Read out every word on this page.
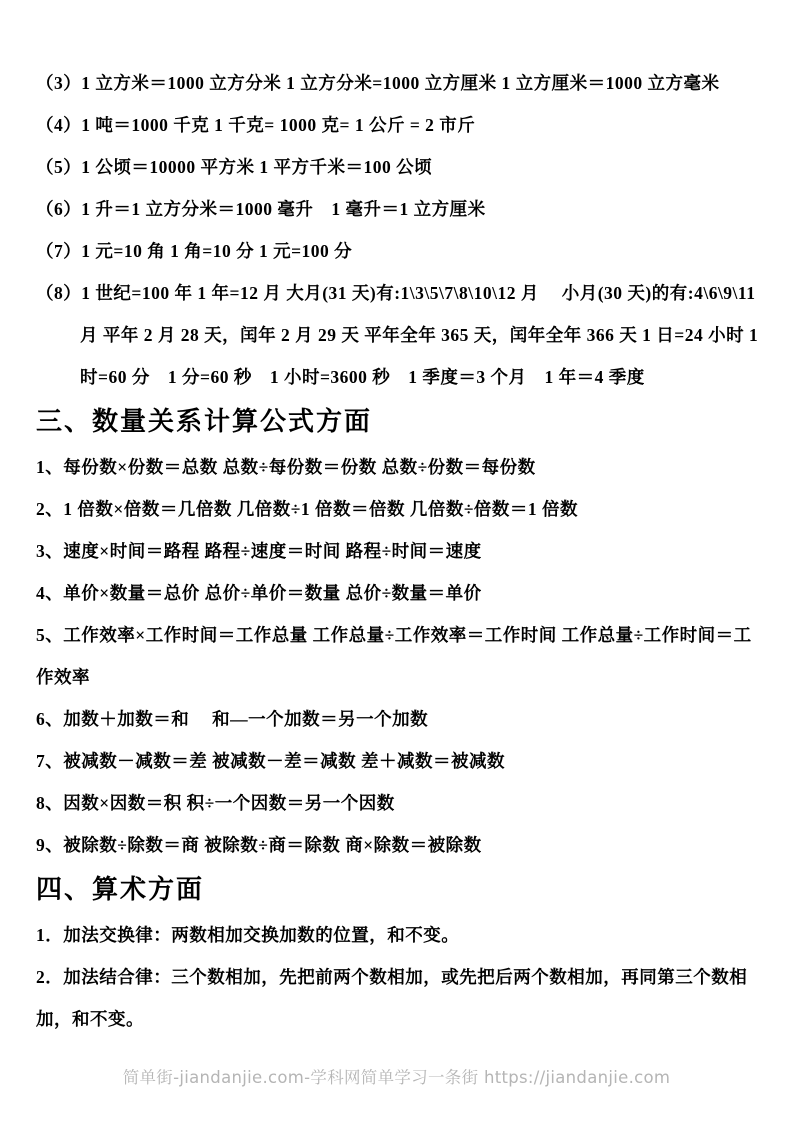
（3）1 立方米＝1000 立方分米 1 立方分米=1000 立方厘米 1 立方厘米＝1000 立方毫米

（4）1 吨＝1000 千克 1 千克= 1000 克= 1 公斤 = 2 市斤

（5）1 公顷＝10000 平方米 1 平方千米＝100 公顷

（6）1 升＝1 立方分米＝1000 毫升　1 毫升＝1 立方厘米

（7）1 元=10 角 1 角=10 分 1 元=100 分

（8）1 世纪=100 年 1 年=12 月 大月(31 天)有:1\3\5\7\8\10\12 月　 小月(30 天)的有:4\6\9\11 月 平年 2 月 28 天，闰年 2 月 29 天 平年全年 365 天，闰年全年 366 天 1 日=24 小时 1 时=60 分　1 分=60 秒　1 小时=3600 秒　1 季度＝3 个月　1 年＝4 季度

三、数量关系计算公式方面

1、每份数×份数＝总数 总数÷每份数＝份数 总数÷份数＝每份数

2、1 倍数×倍数＝几倍数 几倍数÷1 倍数＝倍数 几倍数÷倍数＝1 倍数

3、速度×时间＝路程 路程÷速度＝时间 路程÷时间＝速度

4、单价×数量＝总价 总价÷单价＝数量 总价÷数量＝单价

5、工作效率×工作时间＝工作总量 工作总量÷工作效率＝工作时间 工作总量÷工作时间＝工作效率

6、加数＋加数＝和　 和—一个加数＝另一个加数

7、被减数－减数＝差 被减数－差＝减数 差＋减数＝被减数

8、因数×因数＝积 积÷一个因数＝另一个因数

9、被除数÷除数＝商 被除数÷商＝除数 商×除数＝被除数

四、算术方面

1．加法交换律：两数相加交换加数的位置，和不变。

2．加法结合律：三个数相加，先把前两个数相加，或先把后两个数相加，再同第三个数相加，和不变。

简单街-jiandanjie.com-学科网简单学习一条街 https://jiandanjie.com
